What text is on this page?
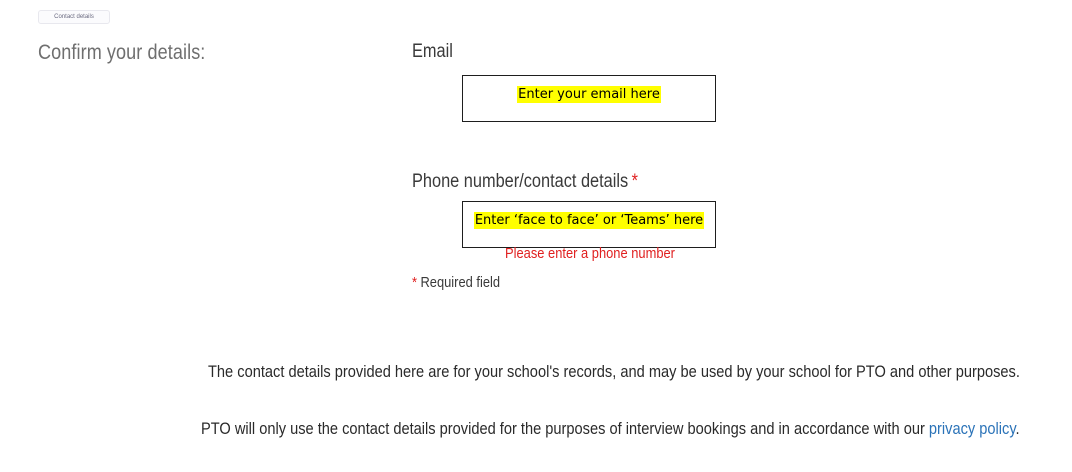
Contact details
Confirm your details:	Email
Enter your email here
Phone number/contact details *
Enter ‘face to face’ or ‘Teams’ here
Please enter a phone number
* Required field
The contact details provided here are for your school's records, and may be used by your school for PTO and other purposes.
PTO will only use the contact details provided for the purposes of interview bookings and in accordance with our privacy policy.
